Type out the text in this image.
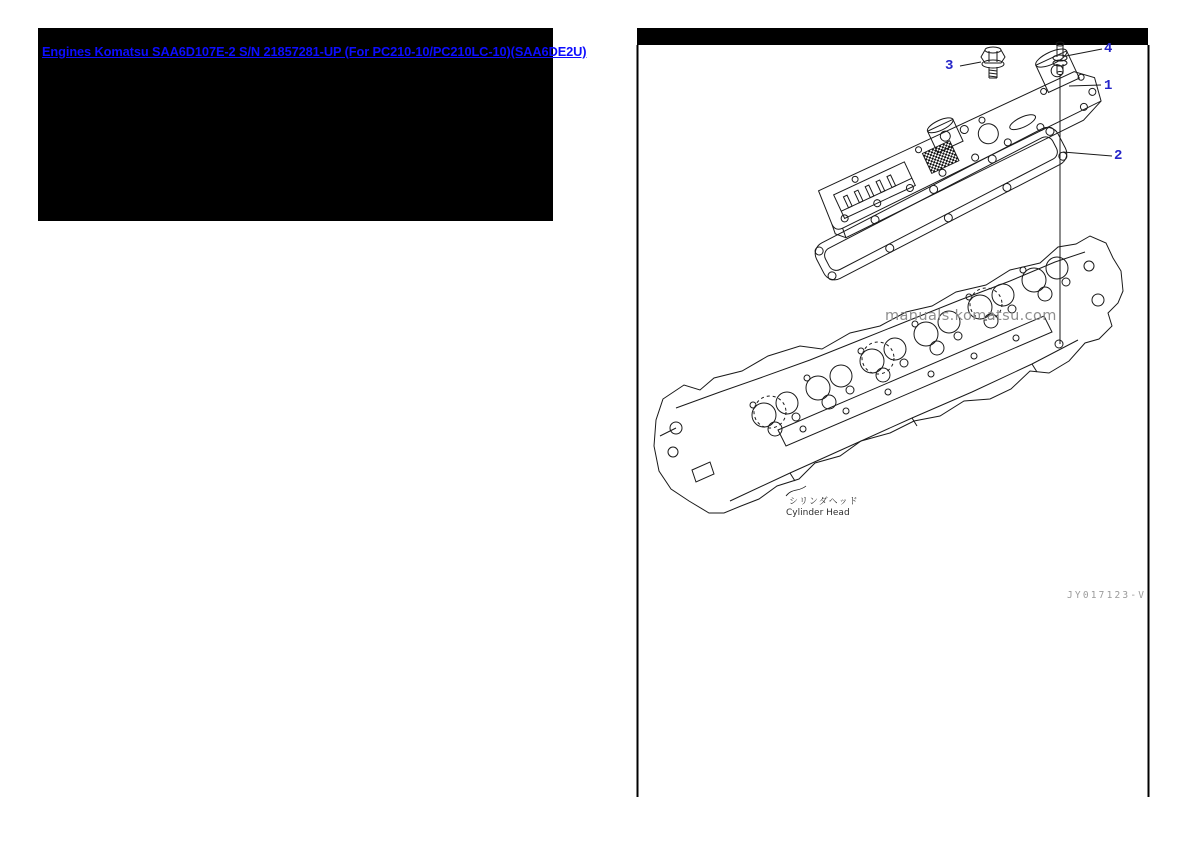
Engines Komatsu SAA6D107E-2 S/N 21857281-UP (For PC210-10/PC210LC-10)(SAA6DE2U)
3
4
1
2
manuals.komatsu.com
シリンダヘッド
Cylinder Head
JY017123-V
